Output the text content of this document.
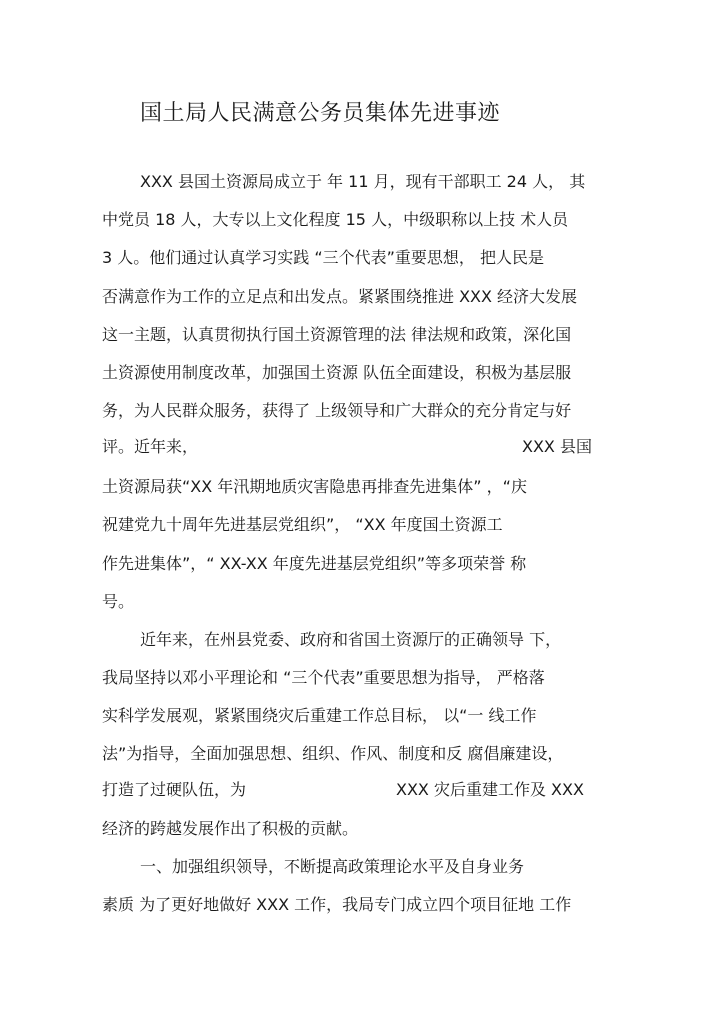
国土局人民满意公务员集体先进事迹
XXX 县国土资源局成立于 年 11 月，现有干部职工 24 人， 其
中党员 18 人，大专以上文化程度 15 人，中级职称以上技 术人员
3 人。他们通过认真学习实践 “三个代表”重要思想， 把人民是
否满意作为工作的立足点和出发点。紧紧围绕推进 XXX 经济大发展
这一主题，认真贯彻执行国土资源管理的法 律法规和政策，深化国
土资源使用制度改革，加强国土资源 队伍全面建设，积极为基层服
务，为人民群众服务，获得了 上级领导和广大群众的充分肯定与好
评。近年来，	XXX 县国
土资源局获“XX 年汛期地质灾害隐患再排查先进集体” ，“庆
祝建党九十周年先进基层党组织”， “XX 年度国土资源工
作先进集体”，“ XX-XX 年度先进基层党组织”等多项荣誉 称
号。
近年来，在州县党委、政府和省国土资源厅的正确领导 下，
我局坚持以邓小平理论和 “三个代表”重要思想为指导， 严格落
实科学发展观，紧紧围绕灾后重建工作总目标， 以“一 线工作
法”为指导，全面加强思想、组织、作风、制度和反 腐倡廉建设，
打造了过硬队伍，为	XXX 灾后重建工作及 XXX
经济的跨越发展作出了积极的贡献。
一、加强组织领导，不断提高政策理论水平及自身业务
素质 为了更好地做好 XXX 工作，我局专门成立四个项目征地 工作
